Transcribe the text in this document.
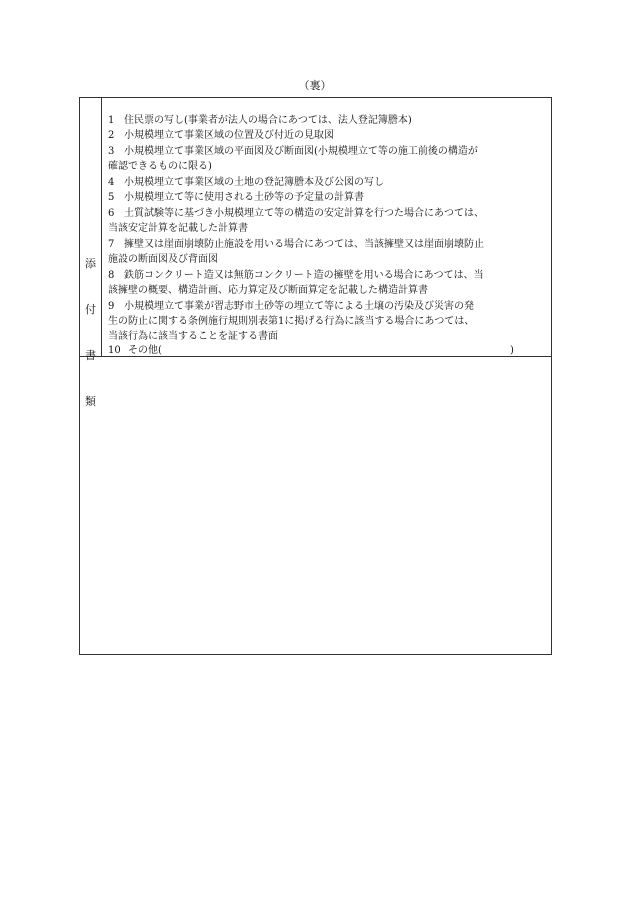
（裏）
添
付
書
類
1 住民票の写し(事業者が法人の場合にあつては、法人登記簿謄本)
2 小規模埋立て事業区域の位置及び付近の見取図
3 小規模埋立て事業区域の平面図及び断面図(小規模埋立て等の施工前後の構造が
確認できるものに限る)
4 小規模埋立て事業区域の土地の登記簿謄本及び公図の写し
5 小規模埋立て等に使用される土砂等の予定量の計算書
6 土質試験等に基づき小規模埋立て等の構造の安定計算を行つた場合にあつては、
当該安定計算を記載した計算書
7 擁壁又は崖面崩壊防止施設を用いる場合にあつては、当該擁壁又は崖面崩壊防止
施設の断面図及び背面図
8 鉄筋コンクリート造又は無筋コンクリート造の擁壁を用いる場合にあつては、当
該擁壁の概要、構造計画、応力算定及び断面算定を記載した構造計算書
9 小規模埋立て事業が習志野市土砂等の埋立て等による土壌の汚染及び災害の発
生の防止に関する条例施行規則別表第1に掲げる行為に該当する場合にあつては、
当該行為に該当することを証する書面
10 その他(	)
